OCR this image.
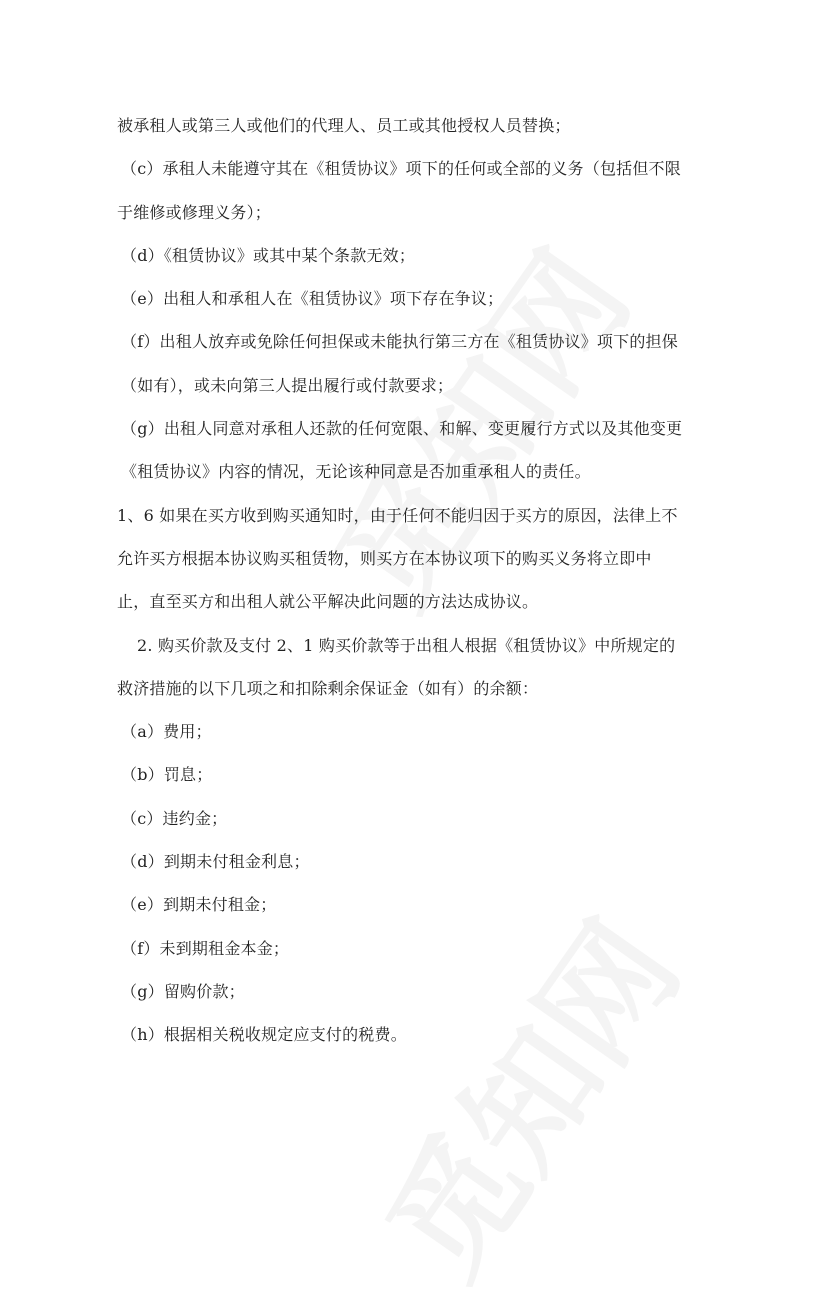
被承租人或第三人或他们的代理人、员工或其他授权人员替换；
（c）承租人未能遵守其在《租赁协议》项下的任何或全部的义务（包括但不限
于维修或修理义务）；
（d）《租赁协议》或其中某个条款无效；
（e）出租人和承租人在《租赁协议》项下存在争议；
（f）出租人放弃或免除任何担保或未能执行第三方在《租赁协议》项下的担保
（如有），或未向第三人提出履行或付款要求；
（g）出租人同意对承租人还款的任何宽限、和解、变更履行方式以及其他变更
《租赁协议》内容的情况，无论该种同意是否加重承租人的责任。
1、6 如果在买方收到购买通知时，由于任何不能归因于买方的原因，法律上不
允许买方根据本协议购买租赁物，则买方在本协议项下的购买义务将立即中
止，直至买方和出租人就公平解决此问题的方法达成协议。
2. 购买价款及支付 2、1 购买价款等于出租人根据《租赁协议》中所规定的
救济措施的以下几项之和扣除剩余保证金（如有）的余额：
（a）费用；
（b）罚息；
（c）违约金；
（d）到期未付租金利息；
（e）到期未付租金；
（f）未到期租金本金；
（g）留购价款；
（h）根据相关税收规定应支付的税费。
